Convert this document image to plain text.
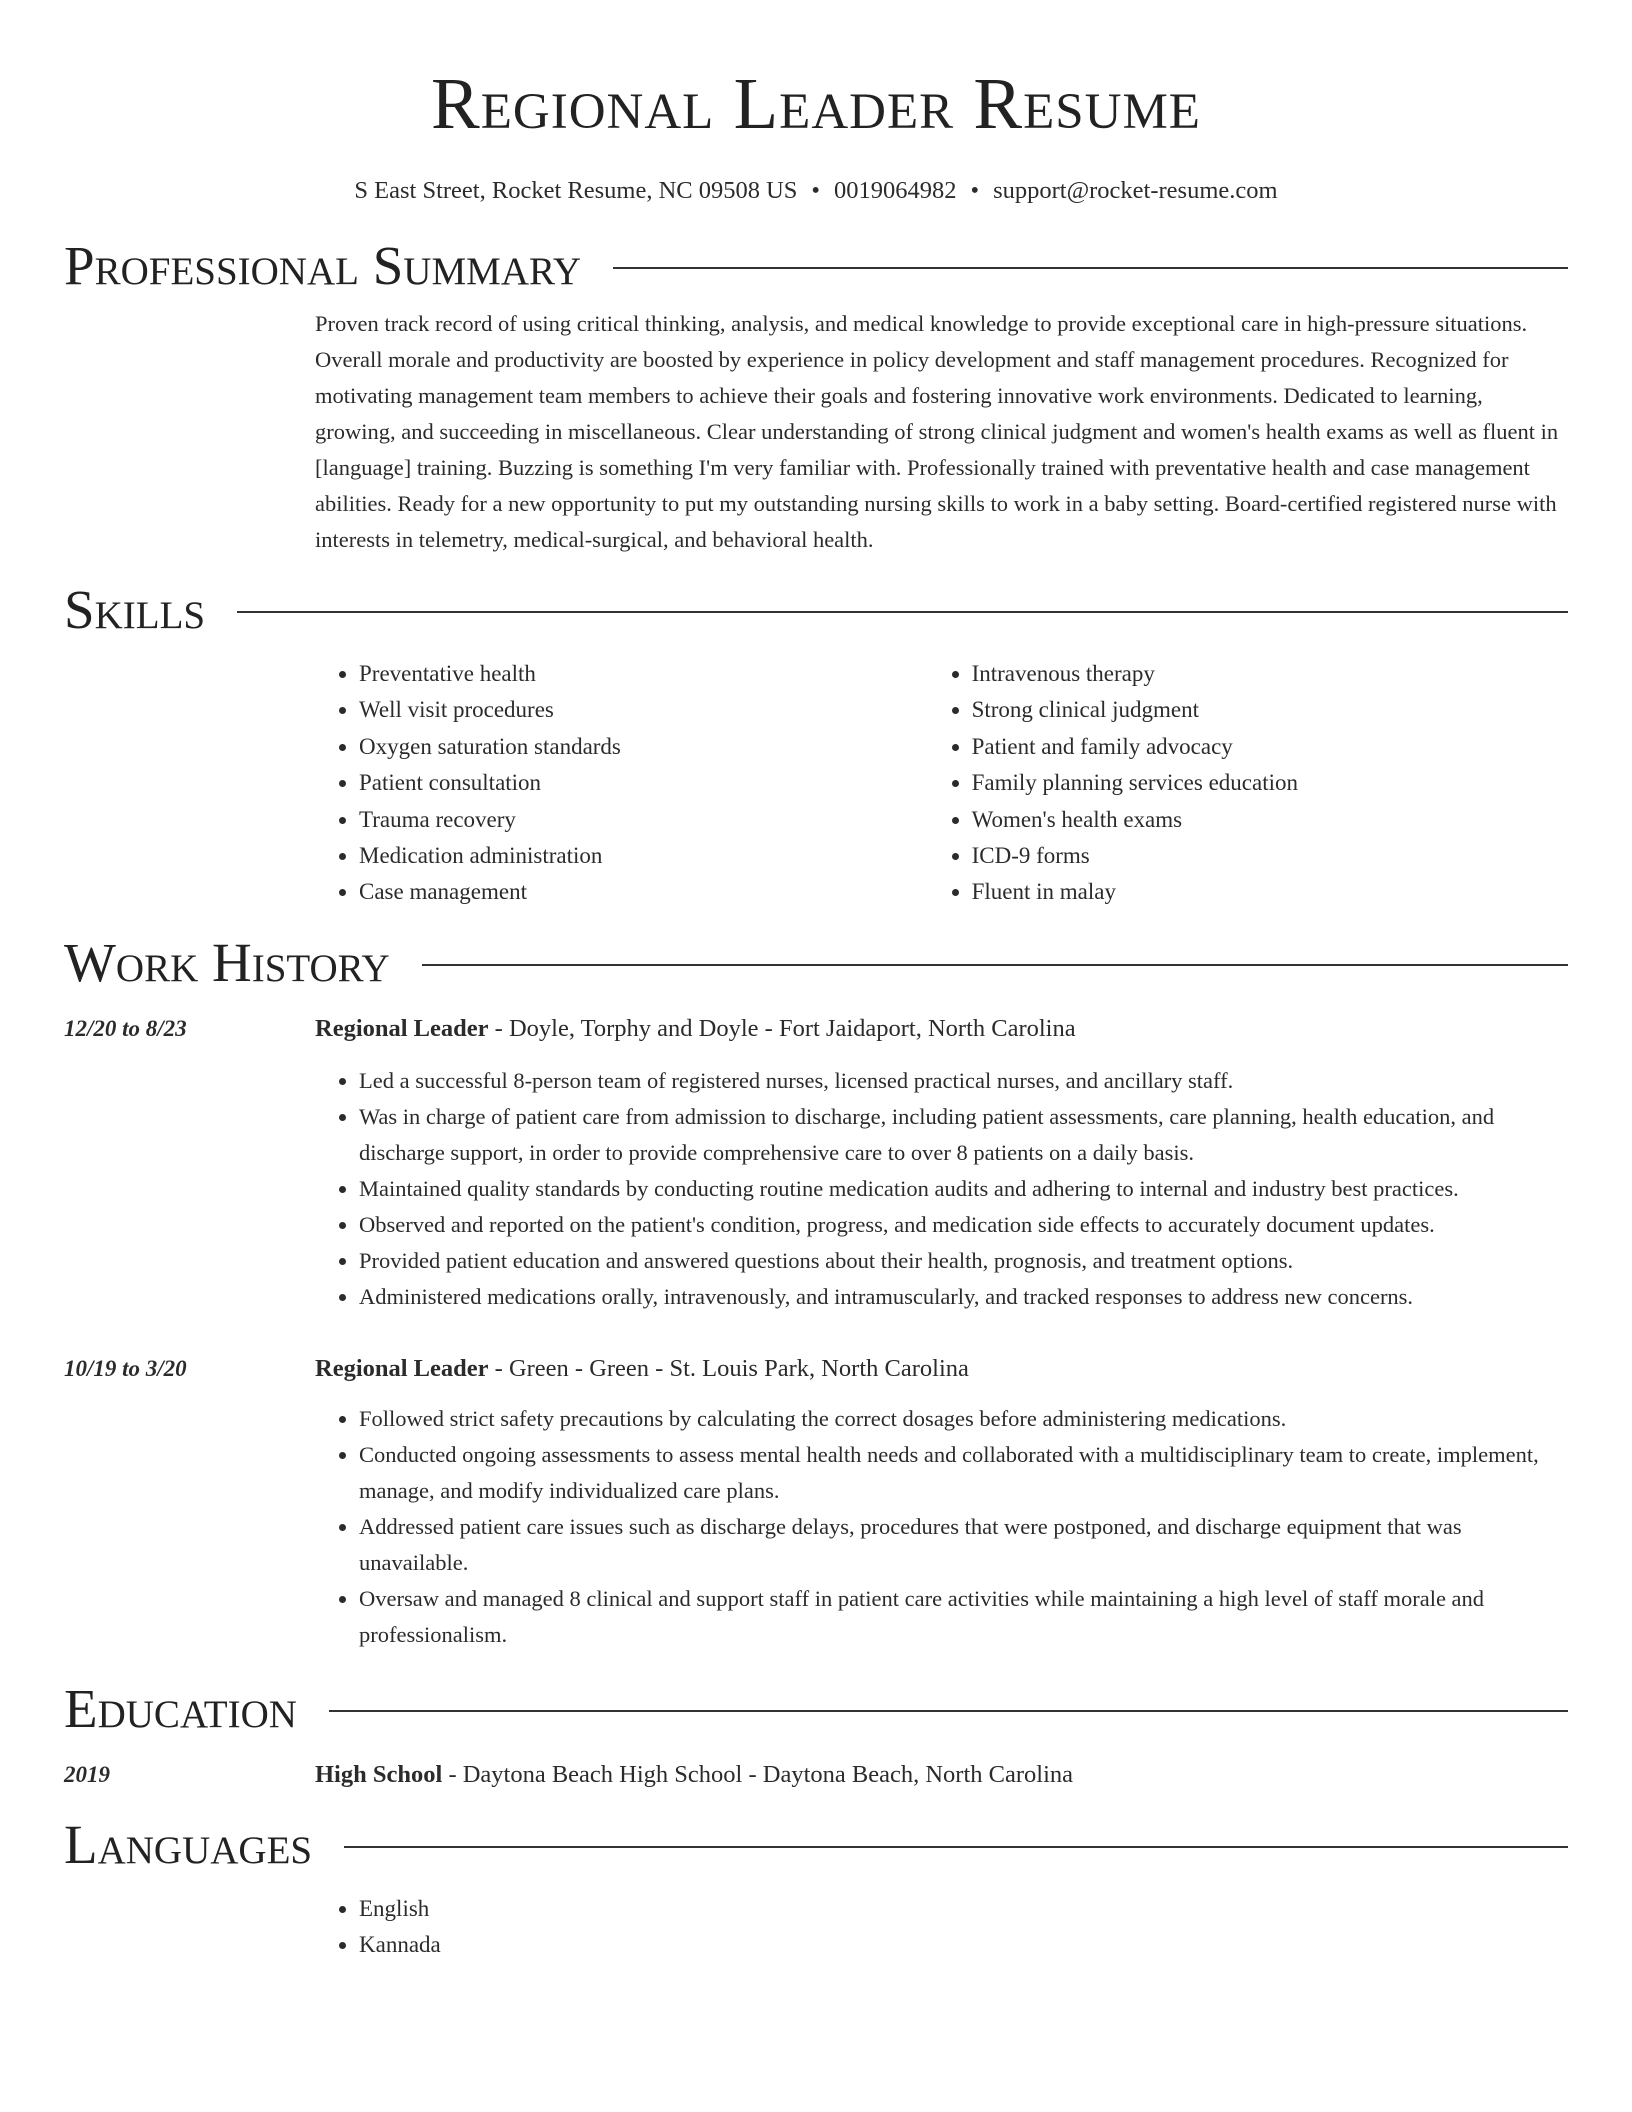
Regional Leader Resume
S East Street, Rocket Resume, NC 09508 US • 0019064982 • support@rocket-resume.com
Professional Summary
Proven track record of using critical thinking, analysis, and medical knowledge to provide exceptional care in high-pressure situations. Overall morale and productivity are boosted by experience in policy development and staff management procedures. Recognized for motivating management team members to achieve their goals and fostering innovative work environments. Dedicated to learning, growing, and succeeding in miscellaneous. Clear understanding of strong clinical judgment and women's health exams as well as fluent in [language] training. Buzzing is something I'm very familiar with. Professionally trained with preventative health and case management abilities. Ready for a new opportunity to put my outstanding nursing skills to work in a baby setting. Board-certified registered nurse with interests in telemetry, medical-surgical, and behavioral health.
Skills
• Preventative health
• Well visit procedures
• Oxygen saturation standards
• Patient consultation
• Trauma recovery
• Medication administration
• Case management
• Intravenous therapy
• Strong clinical judgment
• Patient and family advocacy
• Family planning services education
• Women's health exams
• ICD-9 forms
• Fluent in malay
Work History
12/20 to 8/23	Regional Leader - Doyle, Torphy and Doyle - Fort Jaidaport, North Carolina
• Led a successful 8-person team of registered nurses, licensed practical nurses, and ancillary staff.
• Was in charge of patient care from admission to discharge, including patient assessments, care planning, health education, and discharge support, in order to provide comprehensive care to over 8 patients on a daily basis.
• Maintained quality standards by conducting routine medication audits and adhering to internal and industry best practices.
• Observed and reported on the patient's condition, progress, and medication side effects to accurately document updates.
• Provided patient education and answered questions about their health, prognosis, and treatment options.
• Administered medications orally, intravenously, and intramuscularly, and tracked responses to address new concerns.
10/19 to 3/20	Regional Leader - Green - Green - St. Louis Park, North Carolina
• Followed strict safety precautions by calculating the correct dosages before administering medications.
• Conducted ongoing assessments to assess mental health needs and collaborated with a multidisciplinary team to create, implement, manage, and modify individualized care plans.
• Addressed patient care issues such as discharge delays, procedures that were postponed, and discharge equipment that was unavailable.
• Oversaw and managed 8 clinical and support staff in patient care activities while maintaining a high level of staff morale and professionalism.
Education
2019	High School - Daytona Beach High School - Daytona Beach, North Carolina
Languages
• English
• Kannada
